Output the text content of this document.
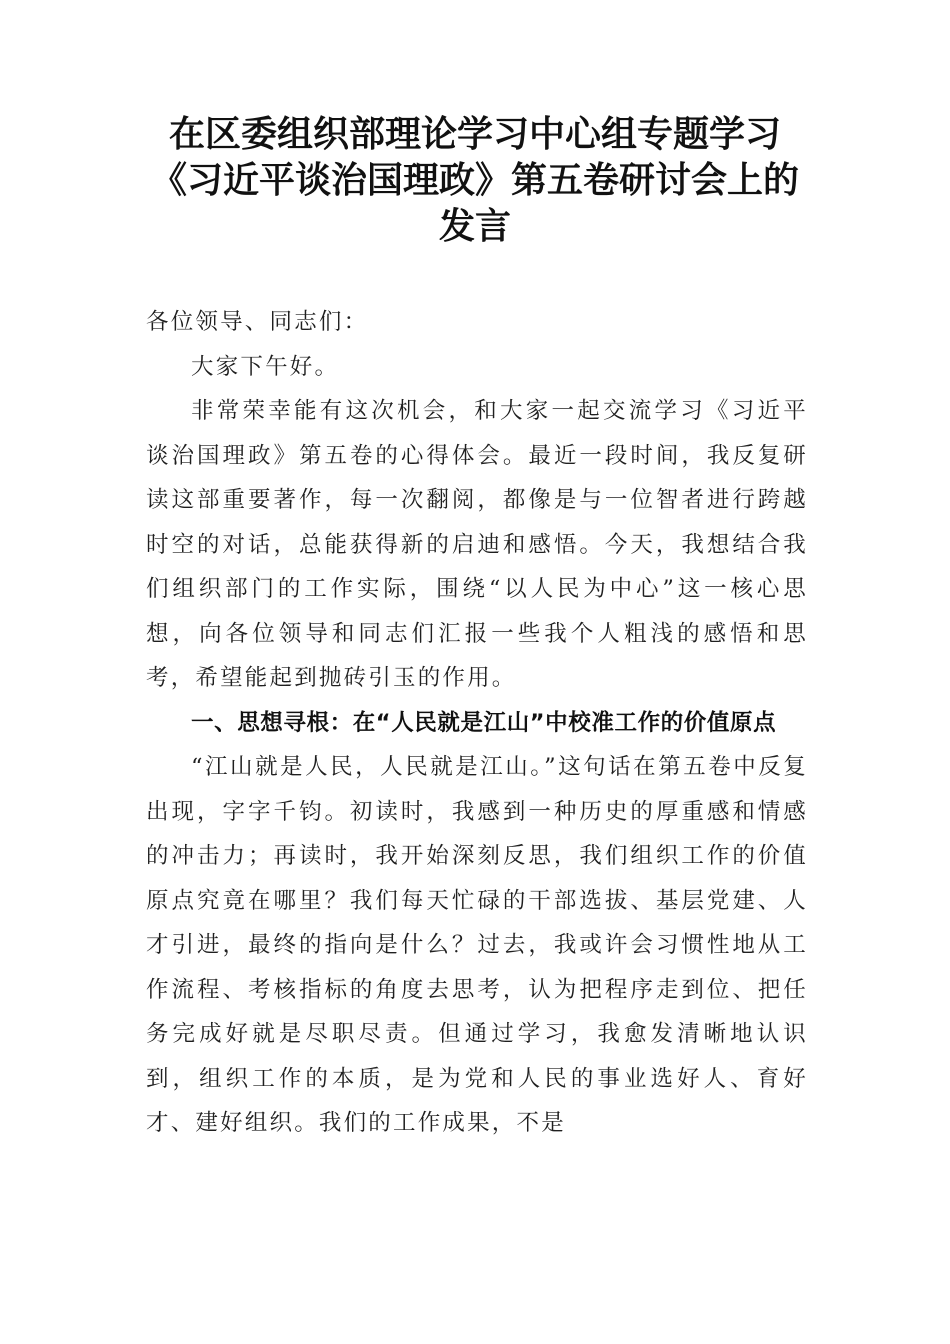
在区委组织部理论学习中心组专题学习
《习近平谈治国理政》第五卷研讨会上的
发言

各位领导、同志们：

大家下午好。

非常荣幸能有这次机会，和大家一起交流学习《习近平谈治国理政》第五卷的心得体会。最近一段时间，我反复研读这部重要著作，每一次翻阅，都像是与一位智者进行跨越时空的对话，总能获得新的启迪和感悟。今天，我想结合我们组织部门的工作实际，围绕“以人民为中心”这一核心思想，向各位领导和同志们汇报一些我个人粗浅的感悟和思考，希望能起到抛砖引玉的作用。

一、思想寻根：在“人民就是江山”中校准工作的价值原点

“江山就是人民，人民就是江山。”这句话在第五卷中反复出现，字字千钧。初读时，我感到一种历史的厚重感和情感的冲击力；再读时，我开始深刻反思，我们组织工作的价值原点究竟在哪里？我们每天忙碌的干部选拔、基层党建、人才引进，最终的指向是什么？过去，我或许会习惯性地从工作流程、考核指标的角度去思考，认为把程序走到位、把任务完成好就是尽职尽责。但通过学习，我愈发清晰地认识到，组织工作的本质，是为党和人民的事业选好人、育好才、建好组织。我们的工作成果，不是
